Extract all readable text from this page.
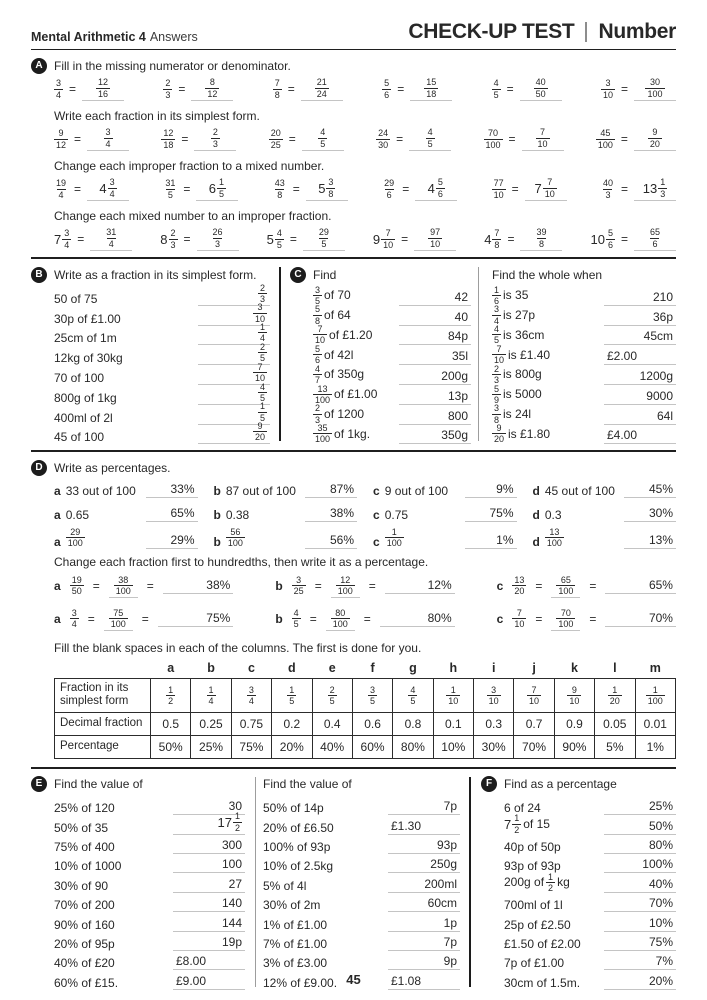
Mental Arithmetic 4 Answers	CHECK-UP TEST Number
A Fill in the missing numerator or denominator.
$\frac{3}{4} = \frac{12}{16}$	$\frac{2}{3} = \frac{8}{12}$	$\frac{7}{8} = \frac{21}{24}$	$\frac{5}{6} = \frac{15}{18}$	$\frac{4}{5} = \frac{40}{50}$	$\frac{3}{10} = \frac{30}{100}$
Write each fraction in its simplest form.
$\frac{9}{12} = \frac{3}{4}$	$\frac{12}{18} = \frac{2}{3}$	$\frac{20}{25} = \frac{4}{5}$	$\frac{24}{30} = \frac{4}{5}$	$\frac{70}{100} = \frac{7}{10}$	$\frac{45}{100} = \frac{9}{20}$
Change each improper fraction to a mixed number.
$\frac{19}{4} = 4 \frac{3}{4}$	$\frac{31}{5} = 6 \frac{1}{5}$	$\frac{43}{8} = 5 \frac{3}{8}$	$\frac{29}{6} = 4 \frac{5}{6}$	$\frac{77}{10} = 7 \frac{7}{10}$	$\frac{40}{3} = 13 \frac{1}{3}$
Change each mixed number to an improper fraction.
$7 \frac{3}{4} = \frac{31}{4}$	$8 \frac{2}{3} = \frac{26}{3}$	$5 \frac{4}{5} = \frac{29}{5}$	$9 \frac{7}{10} = \frac{97}{10}$	$4 \frac{7}{8} = \frac{39}{8}$	$10 \frac{5}{6} = \frac{65}{6}$
B Write as a fraction in its simplest form.
50 of 75	$\frac{2}{3}$
30p of £1.00	$\frac{3}{10}$
25cm of 1m	$\frac{1}{4}$
12kg of 30kg	$\frac{2}{5}$
70 of 100	$\frac{7}{10}$
800g of 1kg	$\frac{4}{5}$
400ml of 2l	$\frac{1}{5}$
45 of 100	$\frac{9}{20}$
C Find
$\frac{3}{5}$ of 70	42
$\frac{5}{8}$ of 64	40
$\frac{7}{10}$ of £1.20	84p
$\frac{5}{6}$ of 42l	35l
$\frac{4}{7}$ of 350g	200g
$\frac{13}{100}$ of £1.00	13p
$\frac{2}{3}$ of 1200	800
$\frac{35}{100}$ of 1kg.	350g
Find the whole when
$\frac{1}{6}$ is 35	210
$\frac{3}{4}$ is 27p	36p
$\frac{4}{5}$ is 36cm	45cm
$\frac{7}{10}$ is £1.40	£2.00
$\frac{2}{3}$ is 800g	1200g
$\frac{5}{9}$ is 5000	9000
$\frac{3}{8}$ is 24l	64l
$\frac{9}{20}$ is £1.80	£4.00
D Write as percentages.
a 33 out of 100	33% b 87 out of 100	87% c 9 out of 100	9% d 45 out of 100	45%
a 0.65	65% b 0.38	38% c 0.75	75% d 0.3	30%
a $\frac{29}{100}$	29% b $\frac{56}{100}$	56% c $\frac{1}{100}$	1% d $\frac{13}{100}$	13%
Change each fraction first to hundredths, then write it as a percentage.
a $\frac{19}{50} = \frac{38}{100}$ =	38%	b $\frac{3}{25} = \frac{12}{100}$ =	12%	c $\frac{13}{20} = \frac{65}{100}$ =	65%
a $\frac{3}{4} = \frac{75}{100}$ =	75%	b $\frac{4}{5} = \frac{80}{100}$ =	80%	c $\frac{7}{10} = \frac{70}{100}$ =	70%
Fill the blank spaces in each of the columns. The first is done for you.
	a	b	c	d	e	f	g	h	i	j	k	l	m
Fraction in its simplest form	$\frac{1}{2}$	$\frac{1}{4}$	$\frac{3}{4}$	$\frac{1}{5}$	$\frac{2}{5}$	$\frac{3}{5}$	$\frac{4}{5}$	$\frac{1}{10}$	$\frac{3}{10}$	$\frac{7}{10}$	$\frac{9}{10}$	$\frac{1}{20}$	$\frac{1}{100}$

Decimal fraction	0.5	0.25	0.75	0.2	0.4	0.6	0.8	0.1	0.3	0.7	0.9	0.05	0.01
Percentage	50%	25%	75%	20%	40%	60%	80%	10%	30%	70%	90%	5%	1%
E Find the value of
25% of 120	30
50% of 35	$17 \frac{1}{2}$
75% of 400	300
10% of 1000	100
30% of 90	27
70% of 200	140
90% of 160	144
20% of 95p	19p
40% of £20	£8.00
60% of £15.	£9.00
Find the value of
50% of 14p	7p
20% of £6.50	£1.30
100% of 93p	93p
10% of 2.5kg	250g
5% of 4l	200ml
30% of 2m	60cm
1% of £1.00	1p
7% of £1.00	7p
3% of £3.00	9p
12% of £9.00.	£1.08
F Find as a percentage
6 of 24	25%
$7 \frac{1}{2}$ of 15	50%
40p of 50p	80%
93p of 93p	100%
200g of $\frac{1}{2}$ kg	40%
700ml of 1l	70%
25p of £2.50	10%
£1.50 of £2.00	75%
7p of £1.00	7%
30cm of 1.5m.	20%
45
